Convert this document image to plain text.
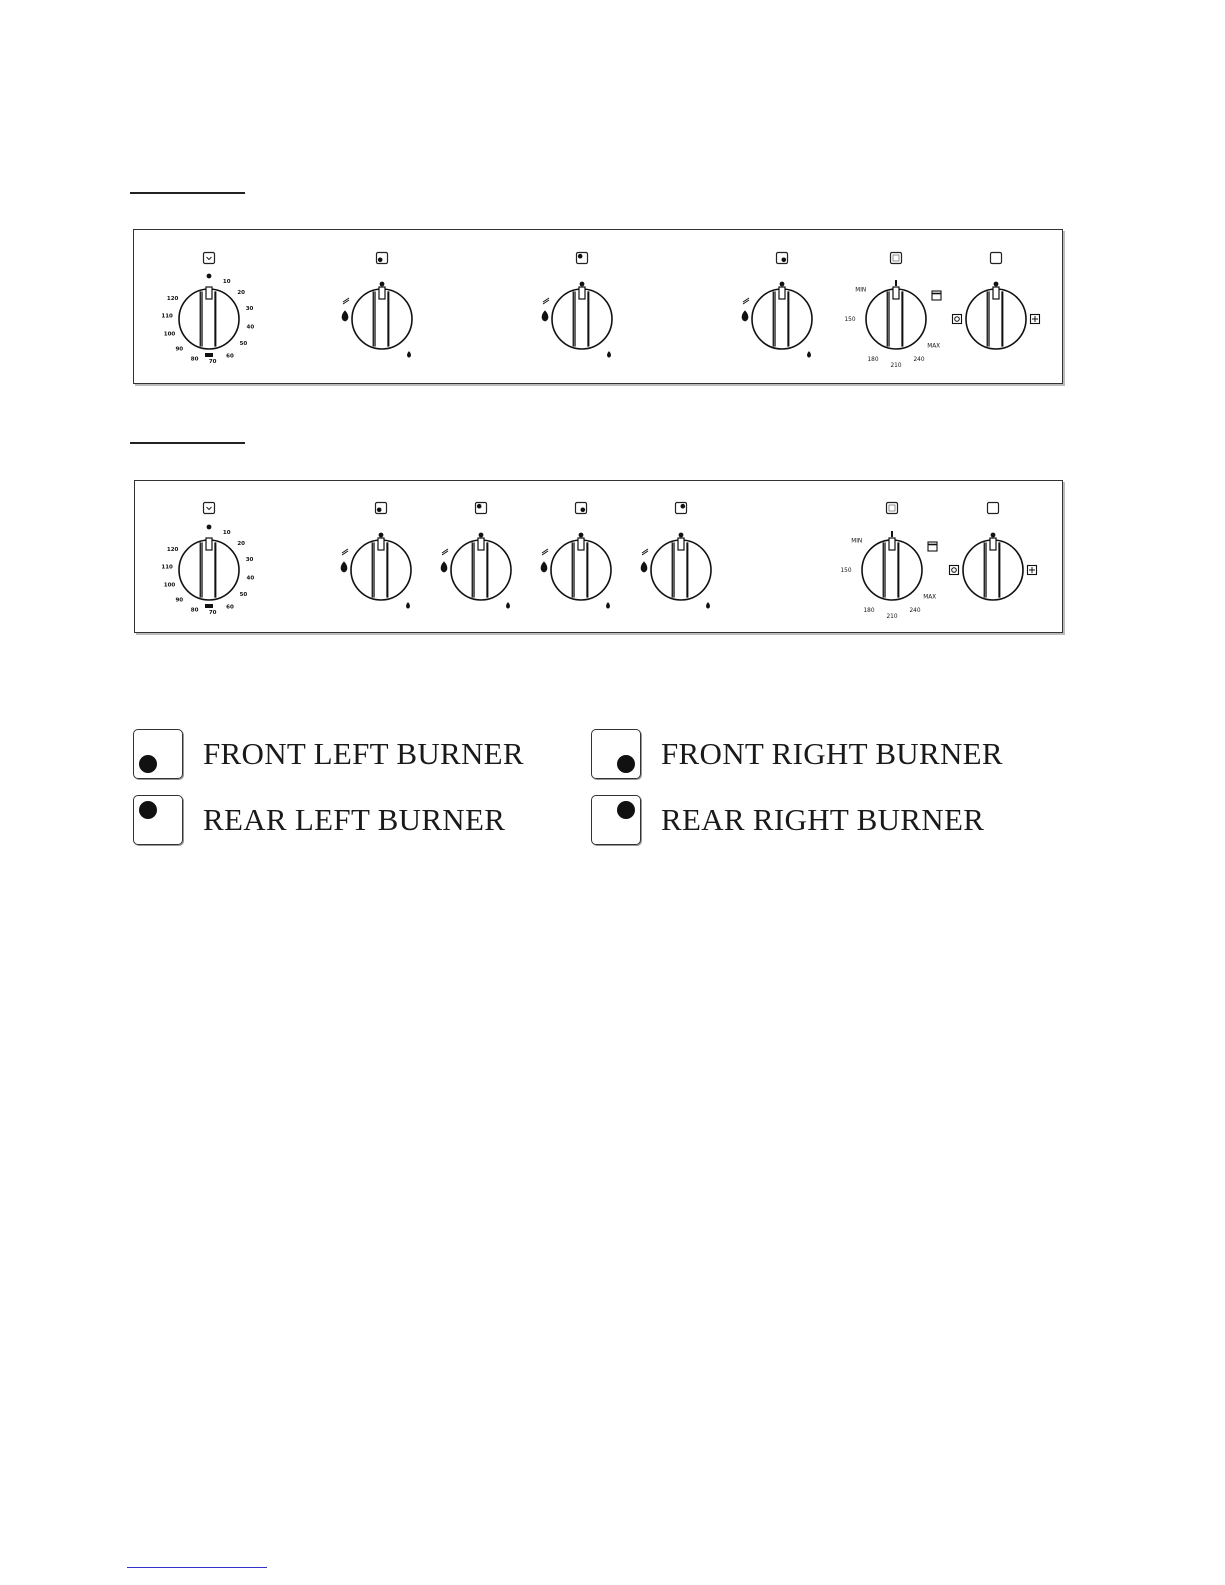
10
20
30
40
50
60
70
80
90
100
110
120
MIN
150
180
210
240
MAX
10
20
30
40
50
60
70
80
90
100
110
120
MIN
150
180
210
240
MAX
FRONT LEFT BURNER	FRONT RIGHT BURNER
REAR LEFT BURNER	REAR RIGHT BURNER
